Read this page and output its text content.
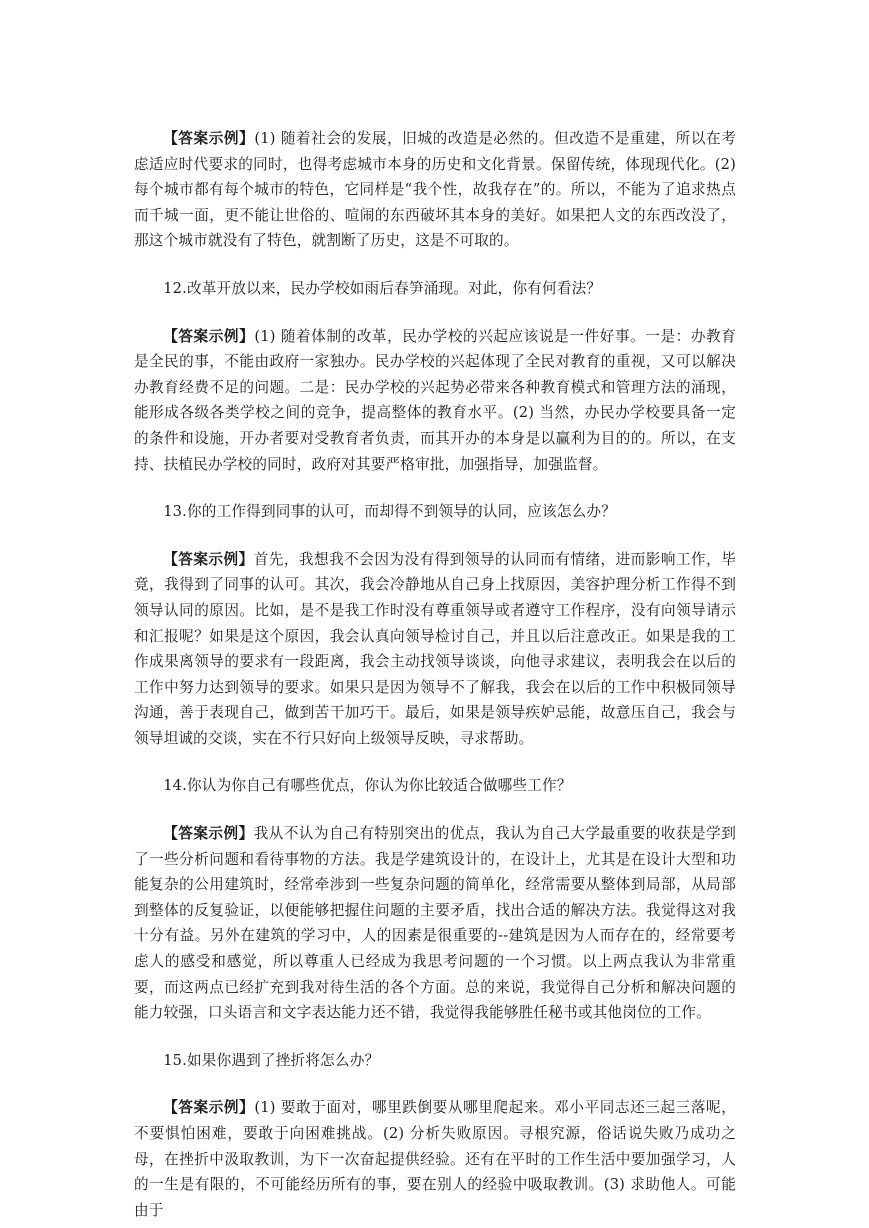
【答案示例】(1) 随着社会的发展，旧城的改造是必然的。但改造不是重建，所以在考虑适应时代要求的同时，也得考虑城市本身的历史和文化背景。保留传统，体现现代化。(2) 每个城市都有每个城市的特色，它同样是“我个性，故我存在”的。所以，不能为了追求热点而千城一面，更不能让世俗的、喧闹的东西破坏其本身的美好。如果把人文的东西改没了，那这个城市就没有了特色，就割断了历史，这是不可取的。

12.改革开放以来，民办学校如雨后春笋涌现。对此，你有何看法？

【答案示例】(1) 随着体制的改革，民办学校的兴起应该说是一件好事。一是：办教育是全民的事，不能由政府一家独办。民办学校的兴起体现了全民对教育的重视，又可以解决办教育经费不足的问题。二是：民办学校的兴起势必带来各种教育模式和管理方法的涌现，能形成各级各类学校之间的竞争，提高整体的教育水平。(2) 当然，办民办学校要具备一定的条件和设施，开办者要对受教育者负责，而其开办的本身是以赢利为目的的。所以，在支持、扶植民办学校的同时，政府对其要严格审批，加强指导，加强监督。

13.你的工作得到同事的认可，而却得不到领导的认同，应该怎么办？

【答案示例】首先，我想我不会因为没有得到领导的认同而有情绪，进而影响工作，毕竟，我得到了同事的认可。其次，我会冷静地从自己身上找原因，美容护理分析工作得不到领导认同的原因。比如，是不是我工作时没有尊重领导或者遵守工作程序，没有向领导请示和汇报呢？如果是这个原因，我会认真向领导检讨自己，并且以后注意改正。如果是我的工作成果离领导的要求有一段距离，我会主动找领导谈谈，向他寻求建议，表明我会在以后的工作中努力达到领导的要求。如果只是因为领导不了解我，我会在以后的工作中积极同领导沟通，善于表现自己，做到苦干加巧干。最后，如果是领导疾妒忌能，故意压自己，我会与领导坦诚的交谈，实在不行只好向上级领导反映，寻求帮助。

14.你认为你自己有哪些优点，你认为你比较适合做哪些工作？

【答案示例】我从不认为自己有特别突出的优点，我认为自己大学最重要的收获是学到了一些分析问题和看待事物的方法。我是学建筑设计的，在设计上，尤其是在设计大型和功能复杂的公用建筑时，经常牵涉到一些复杂问题的简单化，经常需要从整体到局部，从局部到整体的反复验证，以便能够把握住问题的主要矛盾，找出合适的解决方法。我觉得这对我十分有益。另外在建筑的学习中，人的因素是很重要的--建筑是因为人而存在的，经常要考虑人的感受和感觉，所以尊重人已经成为我思考问题的一个习惯。以上两点我认为非常重要，而这两点已经扩充到我对待生活的各个方面。总的来说，我觉得自己分析和解决问题的能力较强，口头语言和文字表达能力还不错，我觉得我能够胜任秘书或其他岗位的工作。

15.如果你遇到了挫折将怎么办？

【答案示例】(1) 要敢于面对，哪里跌倒要从哪里爬起来。邓小平同志还三起三落呢，不要惧怕困难，要敢于向困难挑战。(2) 分析失败原因。寻根究源，俗话说失败乃成功之母，在挫折中汲取教训，为下一次奋起提供经验。还有在平时的工作生活中要加强学习，人的一生是有限的，不可能经历所有的事，要在别人的经验中吸取教训。(3) 求助他人。可能由于
